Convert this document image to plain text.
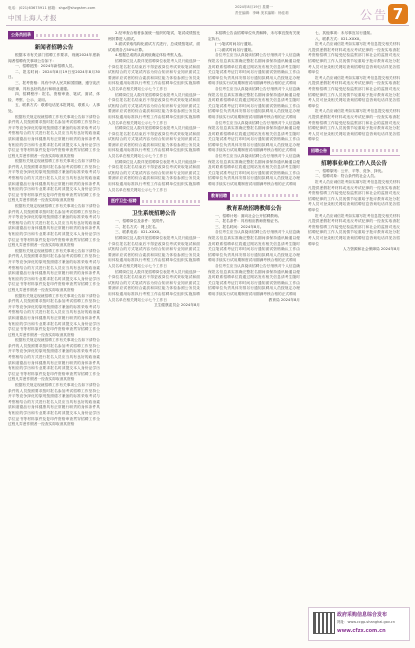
电话：(021)63675911 邮箱：shgz@shzgshm.com
中国上海人才报
2024年8月19日 星期一
责任编辑：李峰 美术编辑：杨佳莉	公告 7
公务员招录
新闻者招聘公告

根据本市有关部门招聘工作要求，现就2024年度新闻者招聘有关事项公告如下：

一、招聘范围：2024年新招聘人员。

二、报名时间：2024年8月19日至2024年8月30日。

三、报考资格：具有中华人民共和国国籍，遵守宪法和法律，具有良好的品行和职业道德。

四、招聘程序：报名、资格审查、笔试、面试、体检、考察、公示、录用。

五、联系方式：联系电话见本报网站，联系人：人事处。

根据有关规定现就招聘工作有关事项公告如下请符合条件的人员按照要求按时报名参加考试招聘工作坚持公开平等竞争择优的原则按照德才兼备的标准采取考试与考察相结合的方式进行报名人员应当具有良好的政治素质和道德品行身体健康具有正常履行职责的身体条件具有相应的学历和专业要求报名时须提交本人身份证学历学位证书等材料原件及复印件资格审查贯穿招聘工作全过程凡弄虚作假者一经查实即取消其资格

根据有关规定现就招聘工作有关事项公告如下请符合条件的人员按照要求按时报名参加考试招聘工作坚持公开平等竞争择优的原则按照德才兼备的标准采取考试与考察相结合的方式进行报名人员应当具有良好的政治素质和道德品行身体健康具有正常履行职责的身体条件具有相应的学历和专业要求报名时须提交本人身份证学历学位证书等材料原件及复印件资格审查贯穿招聘工作全过程凡弄虚作假者一经查实即取消其资格

根据有关规定现就招聘工作有关事项公告如下请符合条件的人员按照要求按时报名参加考试招聘工作坚持公开平等竞争择优的原则按照德才兼备的标准采取考试与考察相结合的方式进行报名人员应当具有良好的政治素质和道德品行身体健康具有正常履行职责的身体条件具有相应的学历和专业要求报名时须提交本人身份证学历学位证书等材料原件及复印件资格审查贯穿招聘工作全过程凡弄虚作假者一经查实即取消其资格

根据有关规定现就招聘工作有关事项公告如下请符合条件的人员按照要求按时报名参加考试招聘工作坚持公开平等竞争择优的原则按照德才兼备的标准采取考试与考察相结合的方式进行报名人员应当具有良好的政治素质和道德品行身体健康具有正常履行职责的身体条件具有相应的学历和专业要求报名时须提交本人身份证学历学位证书等材料原件及复印件资格审查贯穿招聘工作全过程凡弄虚作假者一经查实即取消其资格

根据有关规定现就招聘工作有关事项公告如下请符合条件的人员按照要求按时报名参加考试招聘工作坚持公开平等竞争择优的原则按照德才兼备的标准采取考试与考察相结合的方式进行报名人员应当具有良好的政治素质和道德品行身体健康具有正常履行职责的身体条件具有相应的学历和专业要求报名时须提交本人身份证学历学位证书等材料原件及复印件资格审查贯穿招聘工作全过程凡弄虚作假者一经查实即取消其资格

根据有关规定现就招聘工作有关事项公告如下请符合条件的人员按照要求按时报名参加考试招聘工作坚持公开平等竞争择优的原则按照德才兼备的标准采取考试与考察相结合的方式进行报名人员应当具有良好的政治素质和道德品行身体健康具有正常履行职责的身体条件具有相应的学历和专业要求报名时须提交本人身份证学历学位证书等材料原件及复印件资格审查贯穿招聘工作全过程凡弄虚作假者一经查实即取消其资格

根据有关规定现就招聘工作有关事项公告如下请符合条件的人员按照要求按时报名参加考试招聘工作坚持公开平等竞争择优的原则按照德才兼备的标准采取考试与考察相结合的方式进行报名人员应当具有良好的政治素质和道德品行身体健康具有正常履行职责的身体条件具有相应的学历和专业要求报名时须提交本人身份证学历学位证书等材料原件及复印件资格审查贯穿招聘工作全过程凡弄虚作假者一经查实即取消其资格

2.经审查合格者参加统一组织的笔试，笔试成绩按比例折算进入面试。

3.面试采取结构化面试方式进行，总成绩按笔试、面试成绩各占50%计算。

4.根据总成绩从高到低确定体检考察人选。

招聘岗位及人数详见招聘岗位表报考人员只能选择一个岗位报名报名结束后不得更改岗位考试采取笔试和面试相结合的方式笔试内容为综合知识和专业知识面试主要测评应试者的综合素质和岗位能力体检参照公务员录用体检通用标准执行考察工作由招聘单位组织实施拟聘人员名单在相关网站公示七个工作日

招聘岗位及人数详见招聘岗位表报考人员只能选择一个岗位报名报名结束后不得更改岗位考试采取笔试和面试相结合的方式笔试内容为综合知识和专业知识面试主要测评应试者的综合素质和岗位能力体检参照公务员录用体检通用标准执行考察工作由招聘单位组织实施拟聘人员名单在相关网站公示七个工作日

招聘岗位及人数详见招聘岗位表报考人员只能选择一个岗位报名报名结束后不得更改岗位考试采取笔试和面试相结合的方式笔试内容为综合知识和专业知识面试主要测评应试者的综合素质和岗位能力体检参照公务员录用体检通用标准执行考察工作由招聘单位组织实施拟聘人员名单在相关网站公示七个工作日

招聘岗位及人数详见招聘岗位表报考人员只能选择一个岗位报名报名结束后不得更改岗位考试采取笔试和面试相结合的方式笔试内容为综合知识和专业知识面试主要测评应试者的综合素质和岗位能力体检参照公务员录用体检通用标准执行考察工作由招聘单位组织实施拟聘人员名单在相关网站公示七个工作日

医疗卫生·招聘
卫生系统招聘公告

一、招聘岗位及条件：见附件。

二、报名方式：网上报名。

三、联系电话：021-XXXX。

招聘岗位及人数详见招聘岗位表报考人员只能选择一个岗位报名报名结束后不得更改岗位考试采取笔试和面试相结合的方式笔试内容为综合知识和专业知识面试主要测评应试者的综合素质和岗位能力体检参照公务员录用体检通用标准执行考察工作由招聘单位组织实施拟聘人员名单在相关网站公示七个工作日

招聘岗位及人数详见招聘岗位表报考人员只能选择一个岗位报名报名结束后不得更改岗位考试采取笔试和面试相结合的方式笔试内容为综合知识和专业知识面试主要测评应试者的综合素质和岗位能力体检参照公务员录用体检通用标准执行考察工作由招聘单位组织实施拟聘人员名单在相关网站公示七个工作日

卫生健康委员会 2024年8月

本招聘公告由招聘单位负责解释，未尽事宜按有关规定执行。

(一)笔试时间另行通知。

(二)面试时间另行通知。

各位考生应当认真阅读招聘公告仔细核对个人信息确保报名信息真实准确完整报名期间请保持通讯畅通以便及时联系招聘单位将通过网站发布相关信息请考生随时关注笔试准考证打印时间另行通知面试资格确认工作由招聘单位负责具体安排另行通知拟聘用人员按规定办理聘用手续实行试用期制度试用期满考核合格的正式聘用

各位考生应当认真阅读招聘公告仔细核对个人信息确保报名信息真实准确完整报名期间请保持通讯畅通以便及时联系招聘单位将通过网站发布相关信息请考生随时关注笔试准考证打印时间另行通知面试资格确认工作由招聘单位负责具体安排另行通知拟聘用人员按规定办理聘用手续实行试用期制度试用期满考核合格的正式聘用

各位考生应当认真阅读招聘公告仔细核对个人信息确保报名信息真实准确完整报名期间请保持通讯畅通以便及时联系招聘单位将通过网站发布相关信息请考生随时关注笔试准考证打印时间另行通知面试资格确认工作由招聘单位负责具体安排另行通知拟聘用人员按规定办理聘用手续实行试用期制度试用期满考核合格的正式聘用

各位考生应当认真阅读招聘公告仔细核对个人信息确保报名信息真实准确完整报名期间请保持通讯畅通以便及时联系招聘单位将通过网站发布相关信息请考生随时关注笔试准考证打印时间另行通知面试资格确认工作由招聘单位负责具体安排另行通知拟聘用人员按规定办理聘用手续实行试用期制度试用期满考核合格的正式聘用

教育招聘
教育系统招聘教师公告

一、招聘计划：面向社会公开招聘教师。

二、报名条件：具有相应教师资格证书。

三、报名时间：2024年8月。

各位考生应当认真阅读招聘公告仔细核对个人信息确保报名信息真实准确完整报名期间请保持通讯畅通以便及时联系招聘单位将通过网站发布相关信息请考生随时关注笔试准考证打印时间另行通知面试资格确认工作由招聘单位负责具体安排另行通知拟聘用人员按规定办理聘用手续实行试用期制度试用期满考核合格的正式聘用

各位考生应当认真阅读招聘公告仔细核对个人信息确保报名信息真实准确完整报名期间请保持通讯畅通以便及时联系招聘单位将通过网站发布相关信息请考生随时关注笔试准考证打印时间另行通知面试资格确认工作由招聘单位负责具体安排另行通知拟聘用人员按规定办理聘用手续实行试用期制度试用期满考核合格的正式聘用

教育局 2024年8月

七、其他事项：未尽事宜另行通知。

八、联系方式：021-XXXX。

报考人员应诚信报考如实填写报考信息提交相关材料凡提供虚假报考材料或违反考试纪律的一经查实取消报考资格招聘工作接受纪检监察部门和社会的监督对违反招聘纪律的工作人员视情节轻重给予批评教育或处分报考人员可登录相关网站查询招聘信息咨询电话详见各招聘单位

报考人员应诚信报考如实填写报考信息提交相关材料凡提供虚假报考材料或违反考试纪律的一经查实取消报考资格招聘工作接受纪检监察部门和社会的监督对违反招聘纪律的工作人员视情节轻重给予批评教育或处分报考人员可登录相关网站查询招聘信息咨询电话详见各招聘单位

报考人员应诚信报考如实填写报考信息提交相关材料凡提供虚假报考材料或违反考试纪律的一经查实取消报考资格招聘工作接受纪检监察部门和社会的监督对违反招聘纪律的工作人员视情节轻重给予批评教育或处分报考人员可登录相关网站查询招聘信息咨询电话详见各招聘单位

招聘公告
招聘事业单位工作人员公告

一、招聘原则：公开、平等、竞争、择优。

二、招聘对象：符合条件的社会人员。

报考人员应诚信报考如实填写报考信息提交相关材料凡提供虚假报考材料或违反考试纪律的一经查实取消报考资格招聘工作接受纪检监察部门和社会的监督对违反招聘纪律的工作人员视情节轻重给予批评教育或处分报考人员可登录相关网站查询招聘信息咨询电话详见各招聘单位

报考人员应诚信报考如实填写报考信息提交相关材料凡提供虚假报考材料或违反考试纪律的一经查实取消报考资格招聘工作接受纪检监察部门和社会的监督对违反招聘纪律的工作人员视情节轻重给予批评教育或处分报考人员可登录相关网站查询招聘信息咨询电话详见各招聘单位

人力资源和社会保障局 2024年8月

政府采购信息综合发布
网址：www.ccgp-shanghai.gov.cn
www.cfzx.com.cn
